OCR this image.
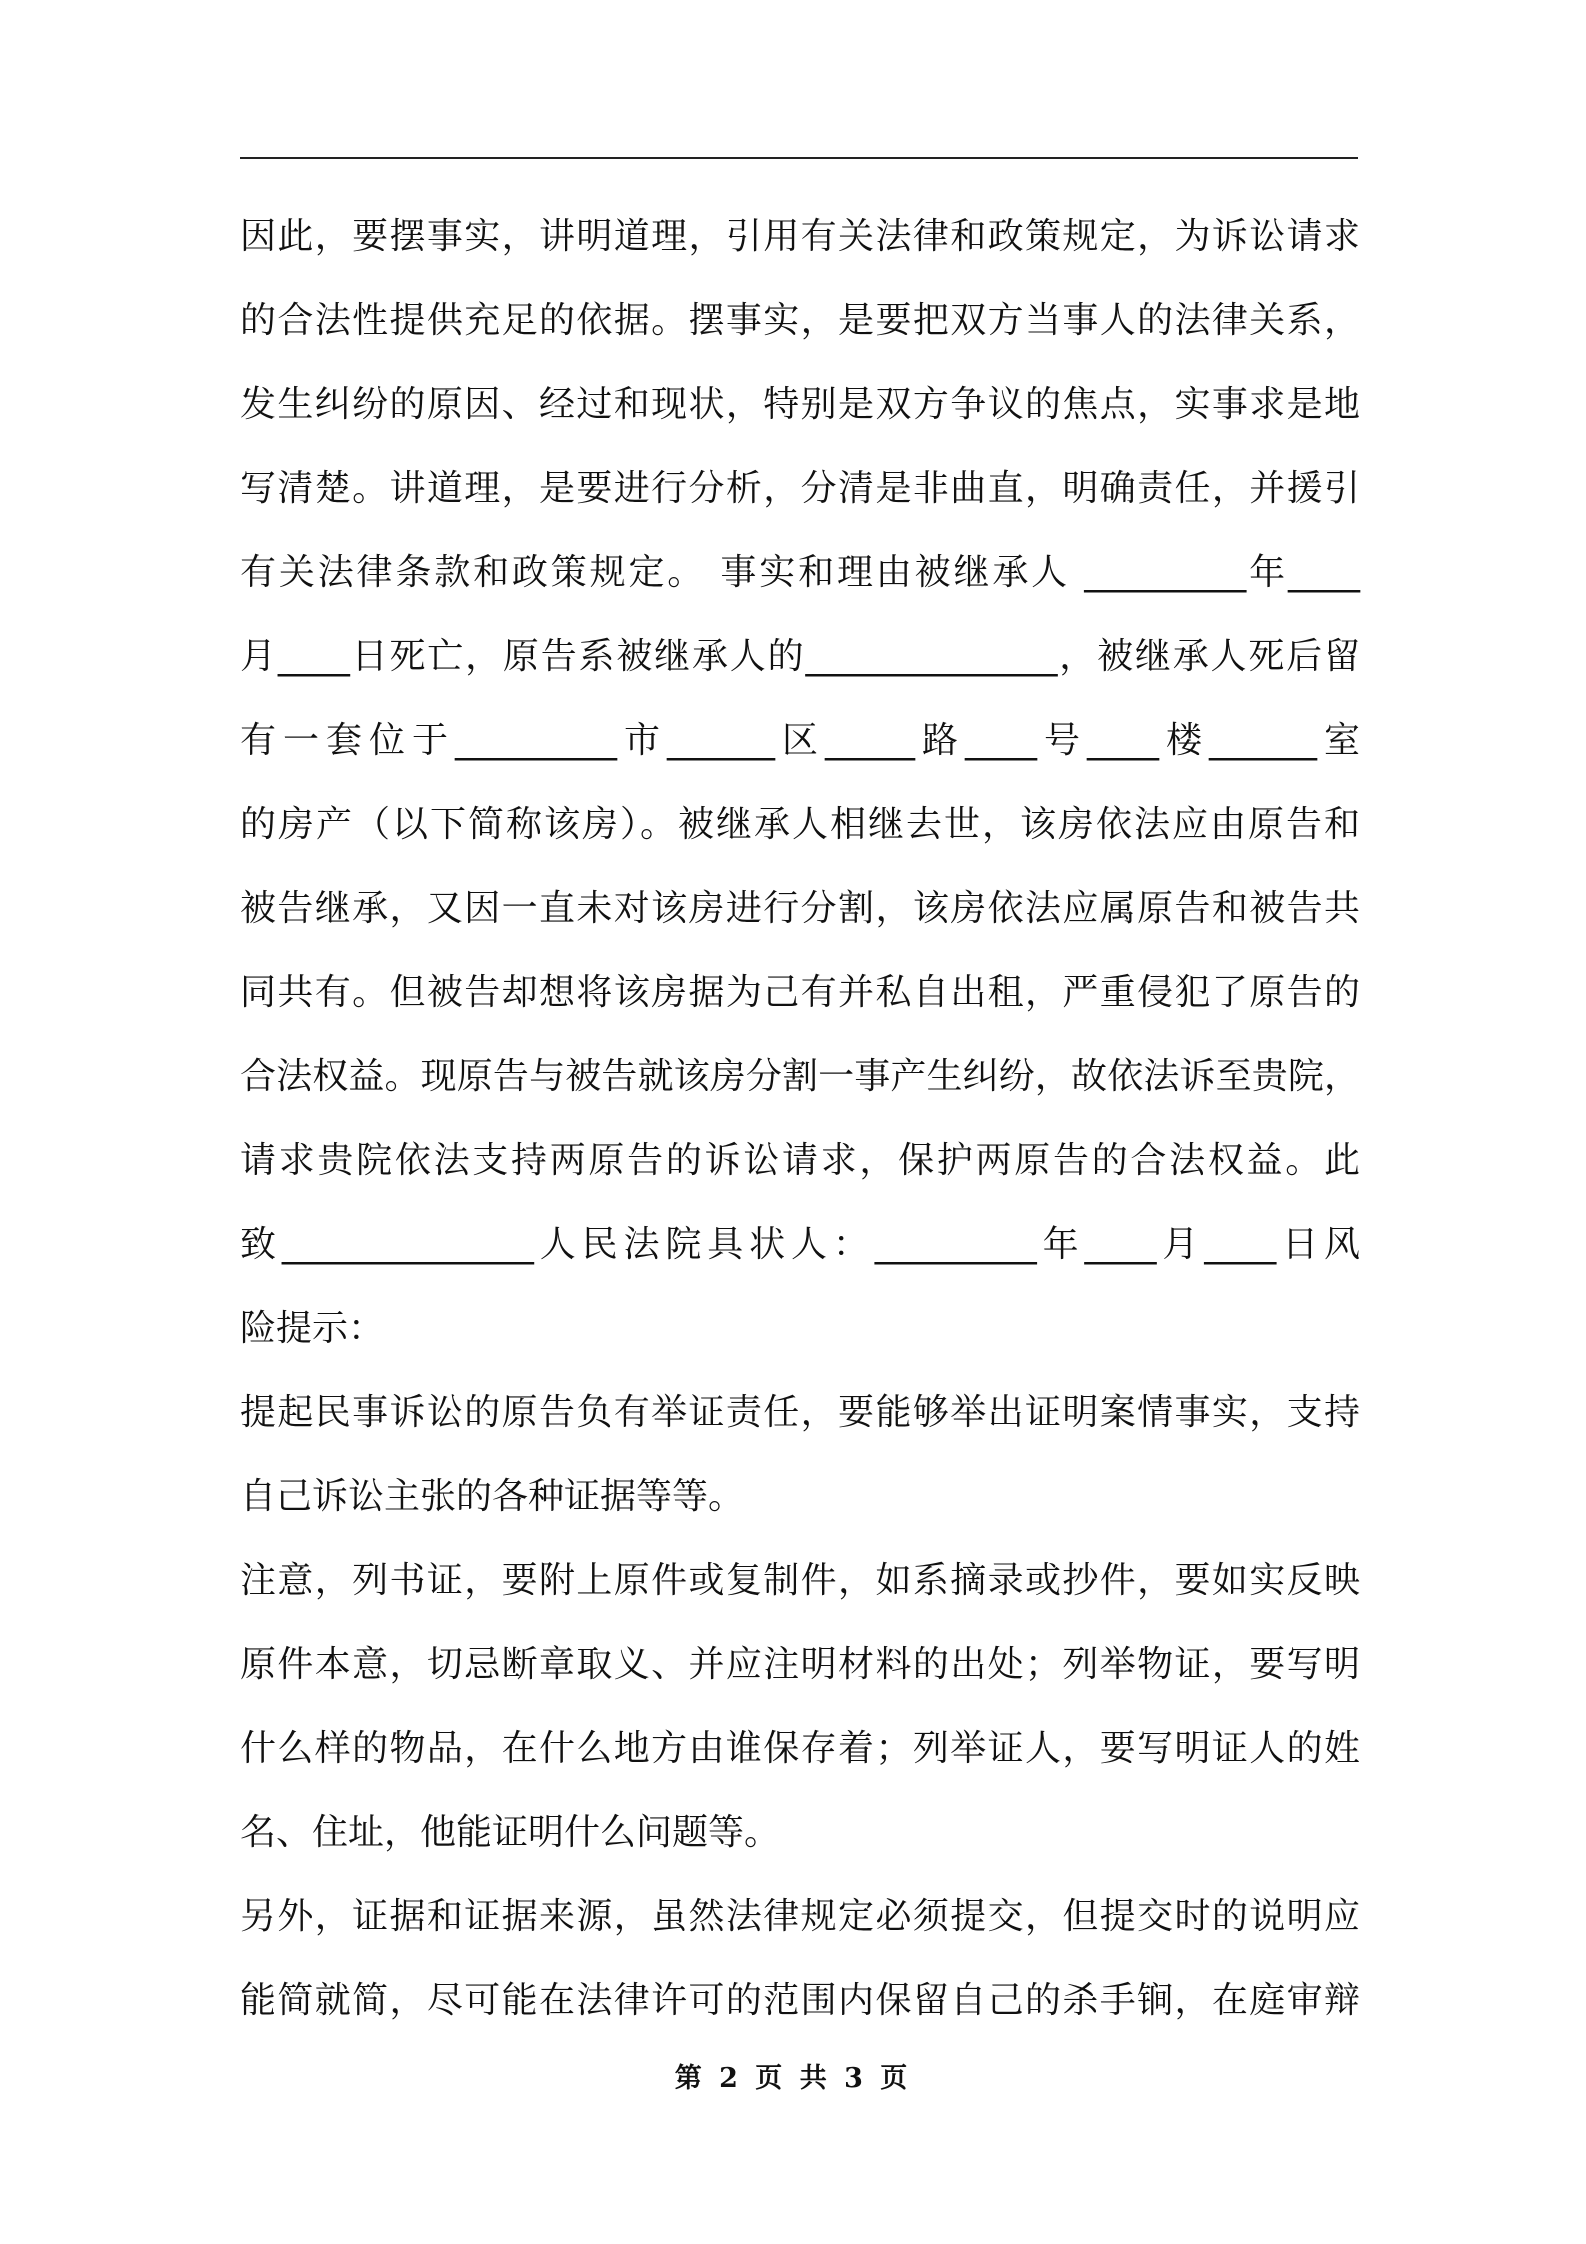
因此，要摆事实，讲明道理，引用有关法律和政策规定，为诉讼请求
的合法性提供充足的依据。摆事实，是要把双方当事人的法律关系，
发生纠纷的原因、经过和现状，特别是双方争议的焦点，实事求是地
写清楚。讲道理，是要进行分析，分清是非曲直，明确责任，并援引
有关法律条款和政策规定。 事实和理由被继承人 _________年____
月____日死亡，原告系被继承人的______________，被继承人死后留
有一套位于_________市______区_____路____号____楼______室
的房产（以下简称该房）。被继承人相继去世，该房依法应由原告和
被告继承，又因一直未对该房进行分割，该房依法应属原告和被告共
同共有。但被告却想将该房据为己有并私自出租，严重侵犯了原告的
合法权益。现原告与被告就该房分割一事产生纠纷，故依法诉至贵院，
请求贵院依法支持两原告的诉讼请求，保护两原告的合法权益。此
致______________人民法院具状人：_________年____月____日风
险提示：
提起民事诉讼的原告负有举证责任，要能够举出证明案情事实，支持
自己诉讼主张的各种证据等等。
注意，列书证，要附上原件或复制件，如系摘录或抄件，要如实反映
原件本意，切忌断章取义、并应注明材料的出处；列举物证，要写明
什么样的物品，在什么地方由谁保存着；列举证人，要写明证人的姓
名、住址，他能证明什么问题等。
另外，证据和证据来源，虽然法律规定必须提交，但提交时的说明应
能简就简，尽可能在法律许可的范围内保留自己的杀手锏，在庭审辩
第 2 页 共 3 页
